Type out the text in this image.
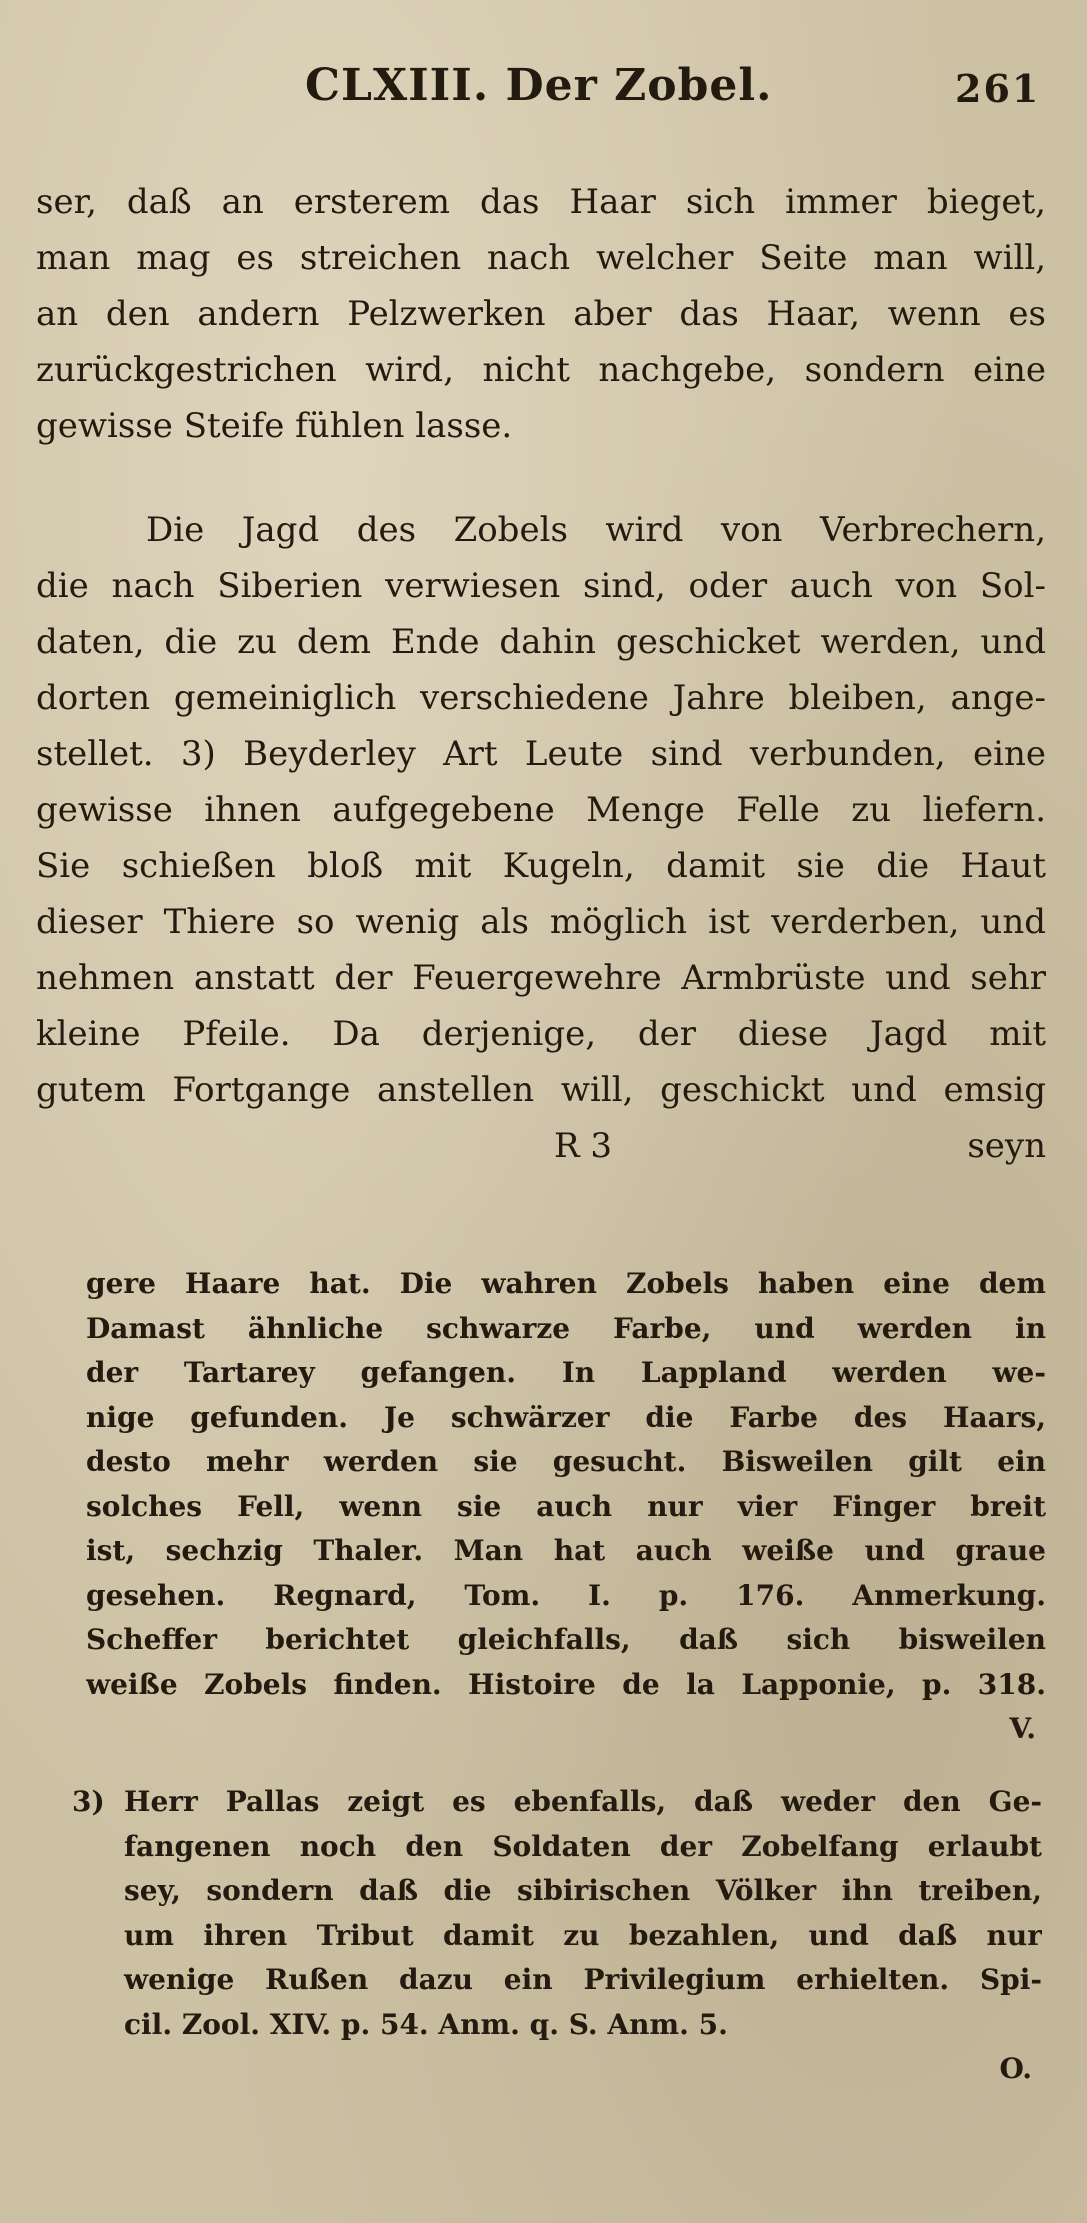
CLXIII. Der Zobel.	261
ser, daß an ersterem das Haar sich immer bieget,
man mag es streichen nach welcher Seite man will,
an den andern Pelzwerken aber das Haar, wenn es
zurückgestrichen wird, nicht nachgebe, sondern eine
gewisse Steife fühlen lasse.
Die Jagd des Zobels wird von Verbrechern,
die nach Siberien verwiesen sind, oder auch von Sol-
daten, die zu dem Ende dahin geschicket werden, und
dorten gemeiniglich verschiedene Jahre bleiben, ange-
stellet. 3) Beyderley Art Leute sind verbunden, eine
gewisse ihnen aufgegebene Menge Felle zu liefern.
Sie schießen bloß mit Kugeln, damit sie die Haut
dieser Thiere so wenig als möglich ist verderben, und
nehmen anstatt der Feuergewehre Armbrüste und sehr
kleine Pfeile. Da derjenige, der diese Jagd mit
gutem Fortgange anstellen will, geschickt und emsig
R 3	seyn
gere Haare hat. Die wahren Zobels haben eine dem
Damast ähnliche schwarze Farbe, und werden in
der Tartarey gefangen. In Lappland werden we-
nige gefunden. Je schwärzer die Farbe des Haars,
desto mehr werden sie gesucht. Bisweilen gilt ein
solches Fell, wenn sie auch nur vier Finger breit
ist, sechzig Thaler. Man hat auch weiße und graue
gesehen. Regnard, Tom. I. p. 176. Anmerkung.
Scheffer berichtet gleichfalls, daß sich bisweilen
weiße Zobels finden. Histoire de la Lapponie, p. 318.
V.
3) Herr Pallas zeigt es ebenfalls, daß weder den Ge-
fangenen noch den Soldaten der Zobelfang erlaubt
sey, sondern daß die sibirischen Völker ihn treiben,
um ihren Tribut damit zu bezahlen, und daß nur
wenige Rußen dazu ein Privilegium erhielten. Spi-
cil. Zool. XIV. p. 54. Anm. q. S. Anm. 5.
O.
